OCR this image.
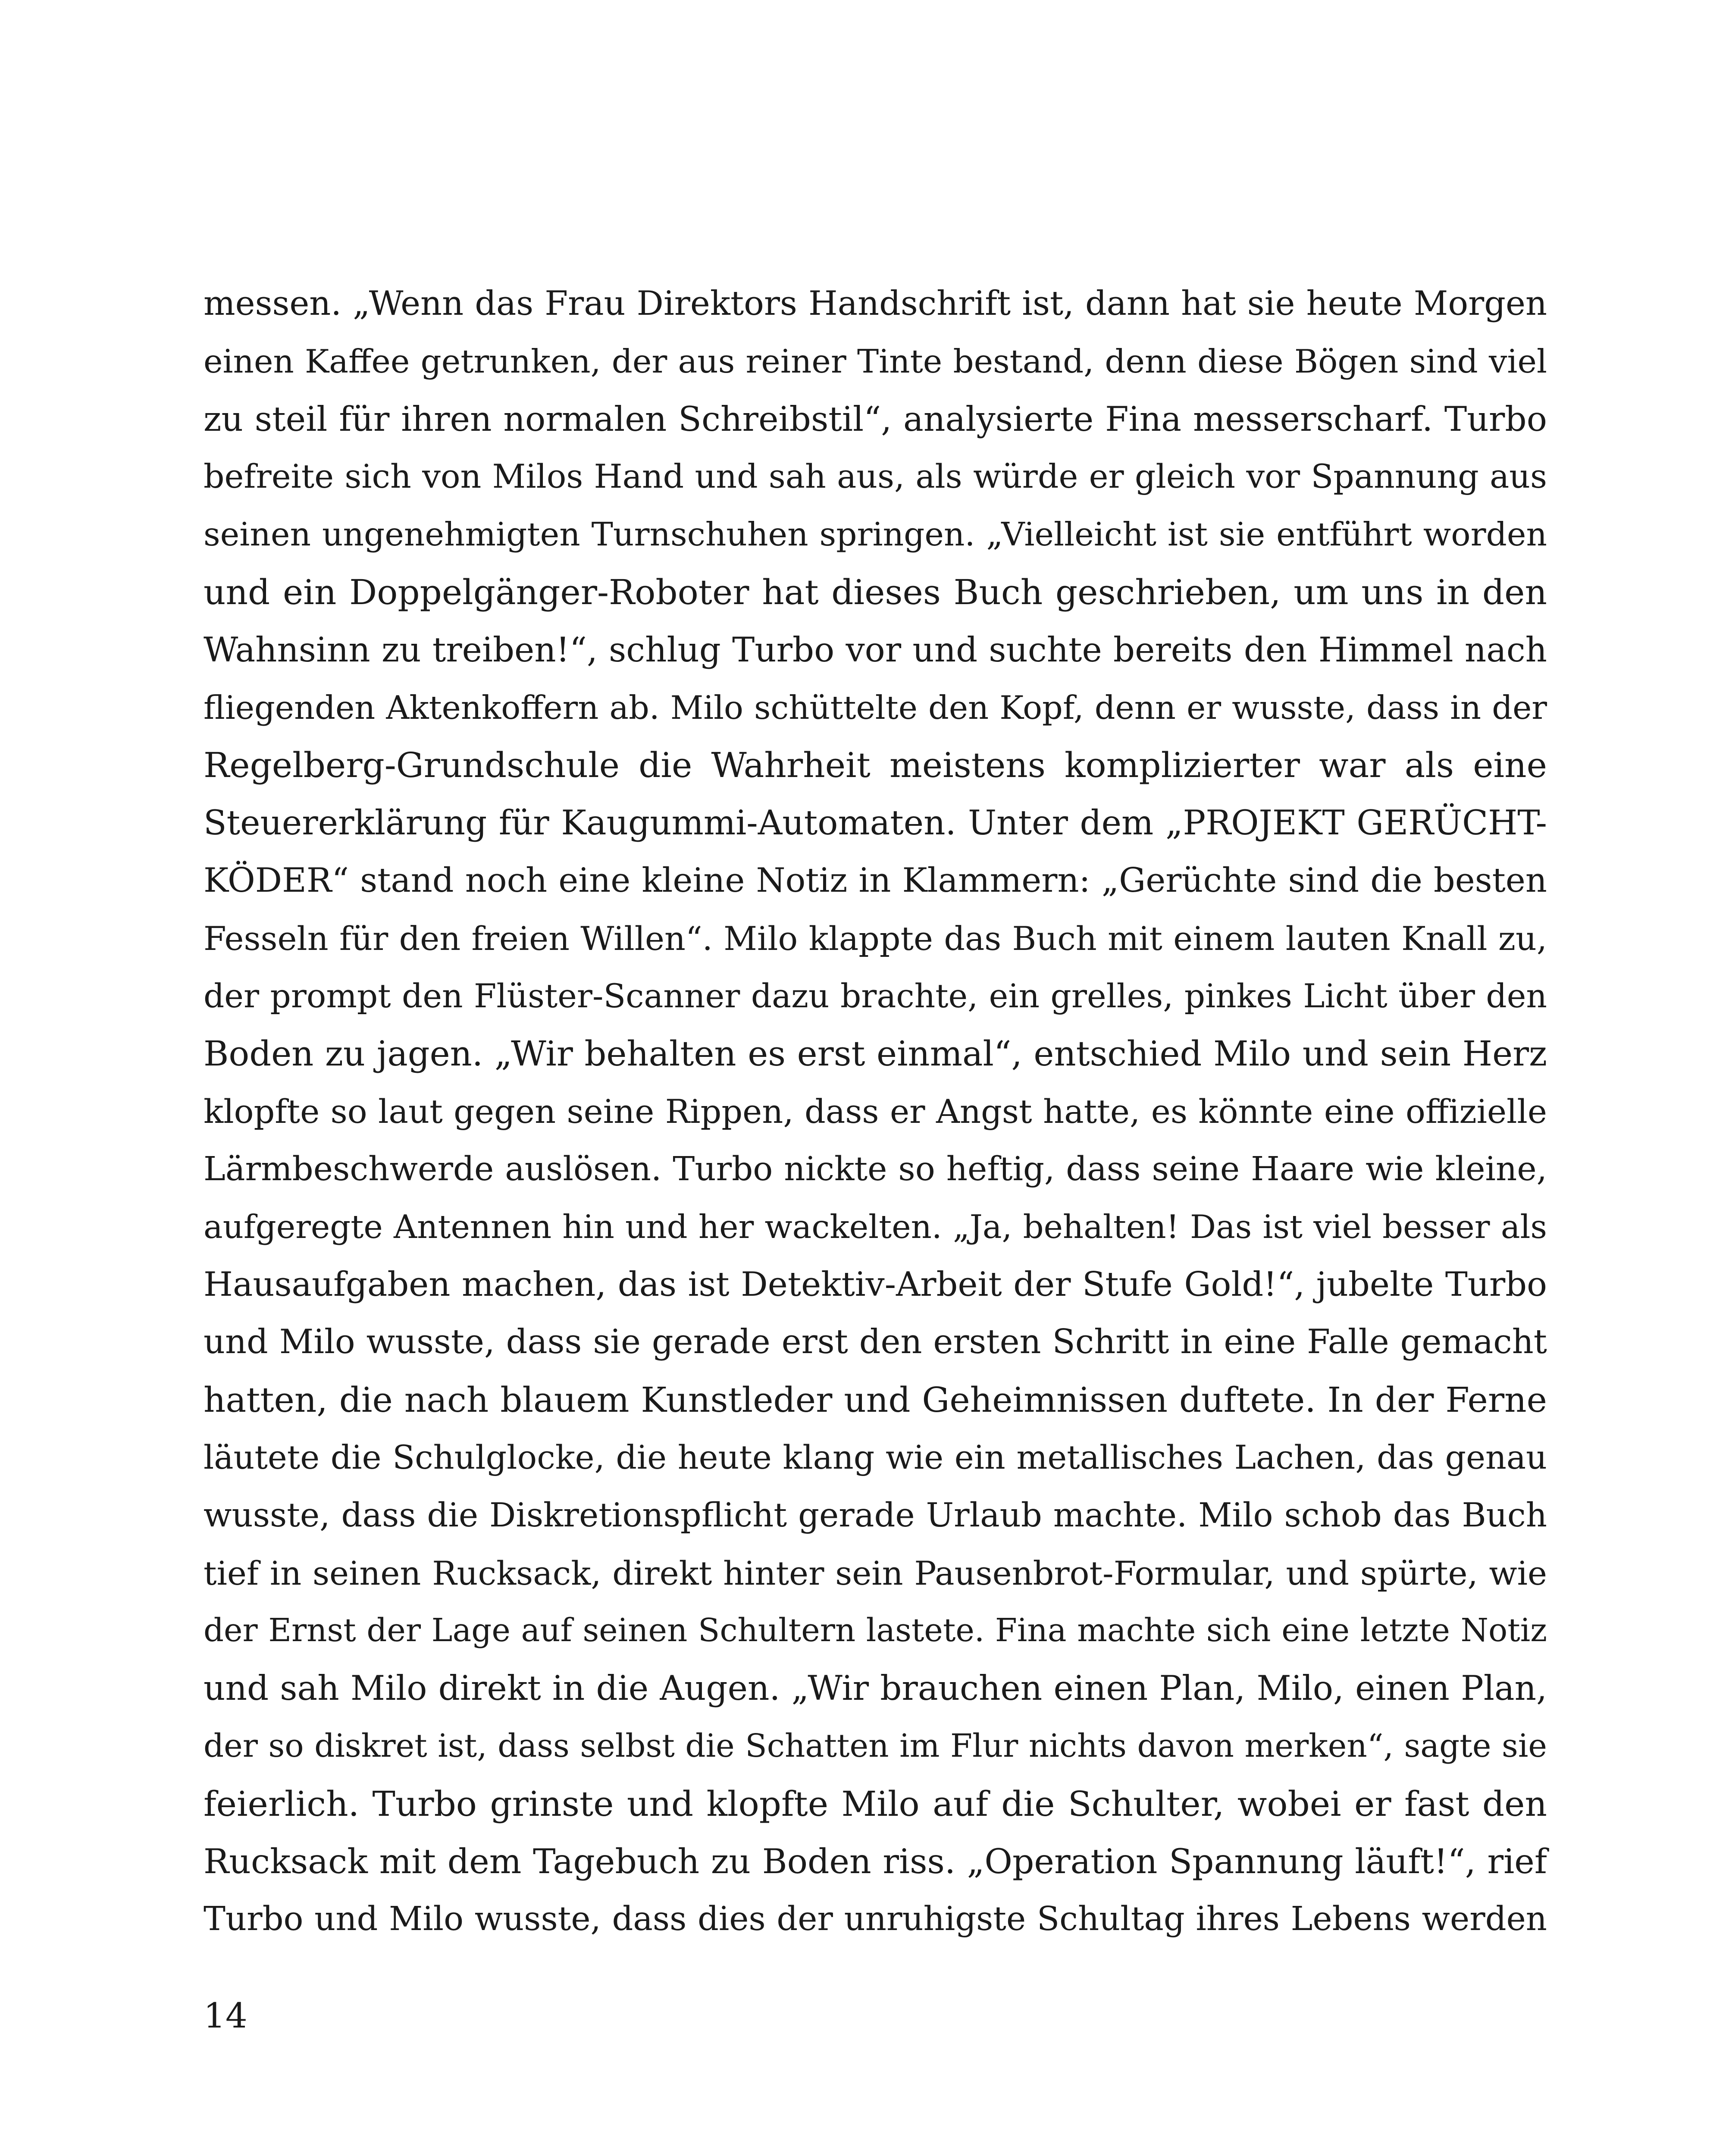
messen. „Wenn das Frau Direktors Handschrift ist, dann hat sie heute Morgen
einen Kaffee getrunken, der aus reiner Tinte bestand, denn diese Bögen sind viel
zu steil für ihren normalen Schreibstil“, analysierte Fina messerscharf. Turbo
befreite sich von Milos Hand und sah aus, als würde er gleich vor Spannung aus
seinen ungenehmigten Turnschuhen springen. „Vielleicht ist sie entführt worden
und ein Doppelgänger-Roboter hat dieses Buch geschrieben, um uns in den
Wahnsinn zu treiben!“, schlug Turbo vor und suchte bereits den Himmel nach
fliegenden Aktenkoffern ab. Milo schüttelte den Kopf, denn er wusste, dass in der
Regelberg-Grundschule die Wahrheit meistens komplizierter war als eine
Steuererklärung für Kaugummi-Automaten. Unter dem „PROJEKT GERÜCHT-
KÖDER“ stand noch eine kleine Notiz in Klammern: „Gerüchte sind die besten
Fesseln für den freien Willen“. Milo klappte das Buch mit einem lauten Knall zu,
der prompt den Flüster-Scanner dazu brachte, ein grelles, pinkes Licht über den
Boden zu jagen. „Wir behalten es erst einmal“, entschied Milo und sein Herz
klopfte so laut gegen seine Rippen, dass er Angst hatte, es könnte eine offizielle
Lärmbeschwerde auslösen. Turbo nickte so heftig, dass seine Haare wie kleine,
aufgeregte Antennen hin und her wackelten. „Ja, behalten! Das ist viel besser als
Hausaufgaben machen, das ist Detektiv-Arbeit der Stufe Gold!“, jubelte Turbo
und Milo wusste, dass sie gerade erst den ersten Schritt in eine Falle gemacht
hatten, die nach blauem Kunstleder und Geheimnissen duftete. In der Ferne
läutete die Schulglocke, die heute klang wie ein metallisches Lachen, das genau
wusste, dass die Diskretionspflicht gerade Urlaub machte. Milo schob das Buch
tief in seinen Rucksack, direkt hinter sein Pausenbrot-Formular, und spürte, wie
der Ernst der Lage auf seinen Schultern lastete. Fina machte sich eine letzte Notiz
und sah Milo direkt in die Augen. „Wir brauchen einen Plan, Milo, einen Plan,
der so diskret ist, dass selbst die Schatten im Flur nichts davon merken“, sagte sie
feierlich. Turbo grinste und klopfte Milo auf die Schulter, wobei er fast den
Rucksack mit dem Tagebuch zu Boden riss. „Operation Spannung läuft!“, rief
Turbo und Milo wusste, dass dies der unruhigste Schultag ihres Lebens werden
14
